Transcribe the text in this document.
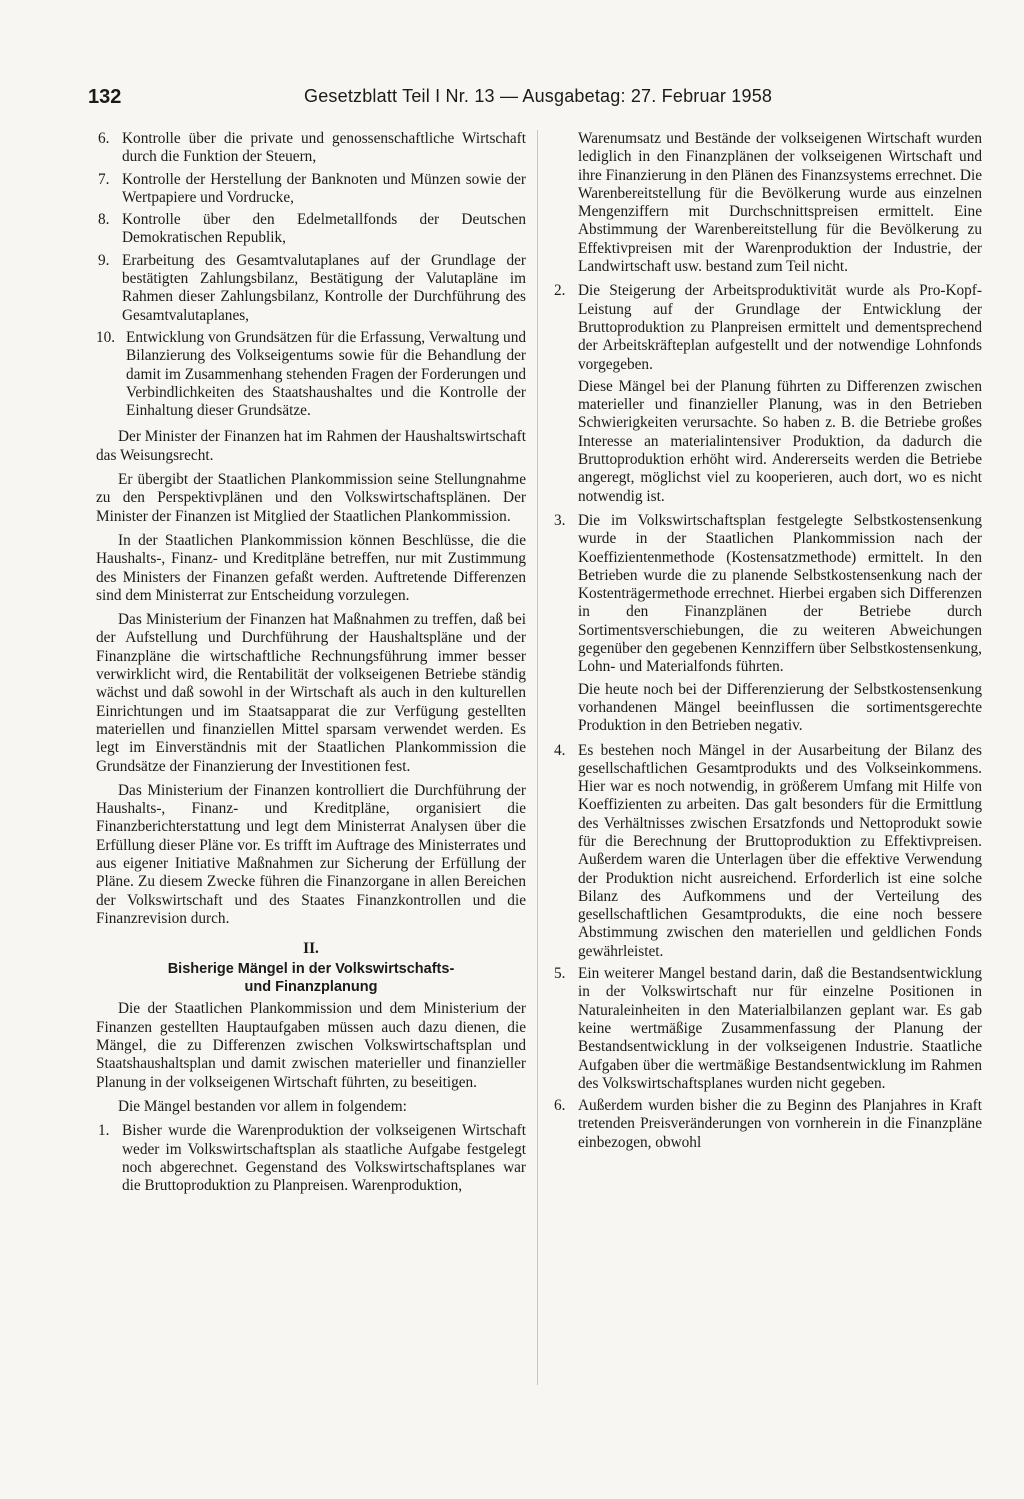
132	Gesetzblatt Teil I Nr. 13 — Ausgabetag: 27. Februar 1958
6. Kontrolle über die private und genossenschaftliche Wirtschaft durch die Funktion der Steuern,
7. Kontrolle der Herstellung der Banknoten und Münzen sowie der Wertpapiere und Vordrucke,
8. Kontrolle über den Edelmetallfonds der Deutschen Demokratischen Republik,
9. Erarbeitung des Gesamtvalutaplanes auf der Grundlage der bestätigten Zahlungsbilanz, Bestätigung der Valutapläne im Rahmen dieser Zahlungsbilanz, Kontrolle der Durchführung des Gesamtvalutaplanes,
10. Entwicklung von Grundsätzen für die Erfassung, Verwaltung und Bilanzierung des Volkseigentums sowie für die Behandlung der damit im Zusammenhang stehenden Fragen der Forderungen und Verbindlichkeiten des Staatshaushaltes und die Kontrolle der Einhaltung dieser Grundsätze.

Der Minister der Finanzen hat im Rahmen der Haushaltswirtschaft das Weisungsrecht.

Er übergibt der Staatlichen Plankommission seine Stellungnahme zu den Perspektivplänen und den Volkswirtschaftsplänen. Der Minister der Finanzen ist Mitglied der Staatlichen Plankommission.

In der Staatlichen Plankommission können Beschlüsse, die die Haushalts-, Finanz- und Kreditpläne betreffen, nur mit Zustimmung des Ministers der Finanzen gefaßt werden. Auftretende Differenzen sind dem Ministerrat zur Entscheidung vorzulegen.

Das Ministerium der Finanzen hat Maßnahmen zu treffen, daß bei der Aufstellung und Durchführung der Haushaltspläne und der Finanzpläne die wirtschaftliche Rechnungsführung immer besser verwirklicht wird, die Rentabilität der volkseigenen Betriebe ständig wächst und daß sowohl in der Wirtschaft als auch in den kulturellen Einrichtungen und im Staatsapparat die zur Verfügung gestellten materiellen und finanziellen Mittel sparsam verwendet werden. Es legt im Einverständnis mit der Staatlichen Plankommission die Grundsätze der Finanzierung der Investitionen fest.

Das Ministerium der Finanzen kontrolliert die Durchführung der Haushalts-, Finanz- und Kreditpläne, organisiert die Finanzberichterstattung und legt dem Ministerrat Analysen über die Erfüllung dieser Pläne vor. Es trifft im Auftrage des Ministerrates und aus eigener Initiative Maßnahmen zur Sicherung der Erfüllung der Pläne. Zu diesem Zwecke führen die Finanzorgane in allen Bereichen der Volkswirtschaft und des Staates Finanzkontrollen und die Finanzrevision durch.

II.

Bisherige Mängel in der Volkswirtschafts-
und Finanzplanung

Die der Staatlichen Plankommission und dem Ministerium der Finanzen gestellten Hauptaufgaben müssen auch dazu dienen, die Mängel, die zu Differenzen zwischen Volkswirtschaftsplan und Staatshaushaltsplan und damit zwischen materieller und finanzieller Planung in der volkseigenen Wirtschaft führten, zu beseitigen.

Die Mängel bestanden vor allem in folgendem:

1. Bisher wurde die Warenproduktion der volkseigenen Wirtschaft weder im Volkswirtschaftsplan als staatliche Aufgabe festgelegt noch abgerechnet. Gegenstand des Volkswirtschaftsplanes war die Bruttoproduktion zu Planpreisen. Warenproduktion,

Warenumsatz und Bestände der volkseigenen Wirtschaft wurden lediglich in den Finanzplänen der volkseigenen Wirtschaft und ihre Finanzierung in den Plänen des Finanzsystems errechnet. Die Warenbereitstellung für die Bevölkerung wurde aus einzelnen Mengenziffern mit Durchschnittspreisen ermittelt. Eine Abstimmung der Warenbereitstellung für die Bevölkerung zu Effektivpreisen mit der Warenproduktion der Industrie, der Landwirtschaft usw. bestand zum Teil nicht.

2. Die Steigerung der Arbeitsproduktivität wurde als Pro-Kopf-Leistung auf der Grundlage der Entwicklung der Bruttoproduktion zu Planpreisen ermittelt und dementsprechend der Arbeitskräfteplan aufgestellt und der notwendige Lohnfonds vorgegeben.

Diese Mängel bei der Planung führten zu Differenzen zwischen materieller und finanzieller Planung, was in den Betrieben Schwierigkeiten verursachte. So haben z. B. die Betriebe großes Interesse an materialintensiver Produktion, da dadurch die Bruttoproduktion erhöht wird. Andererseits werden die Betriebe angeregt, möglichst viel zu kooperieren, auch dort, wo es nicht notwendig ist.

3. Die im Volkswirtschaftsplan festgelegte Selbstkostensenkung wurde in der Staatlichen Plankommission nach der Koeffizientenmethode (Kostensatzmethode) ermittelt. In den Betrieben wurde die zu planende Selbstkostensenkung nach der Kostenträgermethode errechnet. Hierbei ergaben sich Differenzen in den Finanzplänen der Betriebe durch Sortimentsverschiebungen, die zu weiteren Abweichungen gegenüber den gegebenen Kennziffern über Selbstkostensenkung, Lohn- und Materialfonds führten.

Die heute noch bei der Differenzierung der Selbstkostensenkung vorhandenen Mängel beeinflussen die sortimentsgerechte Produktion in den Betrieben negativ.

4. Es bestehen noch Mängel in der Ausarbeitung der Bilanz des gesellschaftlichen Gesamtprodukts und des Volkseinkommens. Hier war es noch notwendig, in größerem Umfang mit Hilfe von Koeffizienten zu arbeiten. Das galt besonders für die Ermittlung des Verhältnisses zwischen Ersatzfonds und Nettoprodukt sowie für die Berechnung der Bruttoproduktion zu Effektivpreisen. Außerdem waren die Unterlagen über die effektive Verwendung der Produktion nicht ausreichend. Erforderlich ist eine solche Bilanz des Aufkommens und der Verteilung des gesellschaftlichen Gesamtprodukts, die eine noch bessere Abstimmung zwischen den materiellen und geldlichen Fonds gewährleistet.
5. Ein weiterer Mangel bestand darin, daß die Bestandsentwicklung in der Volkswirtschaft nur für einzelne Positionen in Naturaleinheiten in den Materialbilanzen geplant war. Es gab keine wertmäßige Zusammenfassung der Planung der Bestandsentwicklung in der volkseigenen Industrie. Staatliche Aufgaben über die wertmäßige Bestandsentwicklung im Rahmen des Volkswirtschaftsplanes wurden nicht gegeben.
6. Außerdem wurden bisher die zu Beginn des Planjahres in Kraft tretenden Preisveränderungen von vornherein in die Finanzpläne einbezogen, obwohl
